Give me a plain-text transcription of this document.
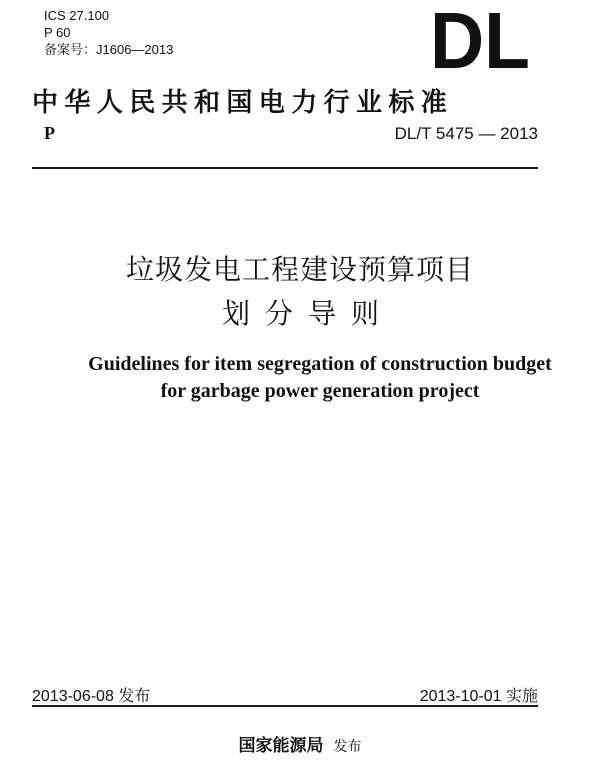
ICS 27.100
P 60
备案号：J1606—2013	DL
中华人民共和国电力行业标准
P	DL/T 5475 — 2013
垃圾发电工程建设预算项目
划分导则
Guidelines for item segregation of construction budget
for garbage power generation project
2013-06-08 发布	2013-10-01 实施
国家能源局 发布
